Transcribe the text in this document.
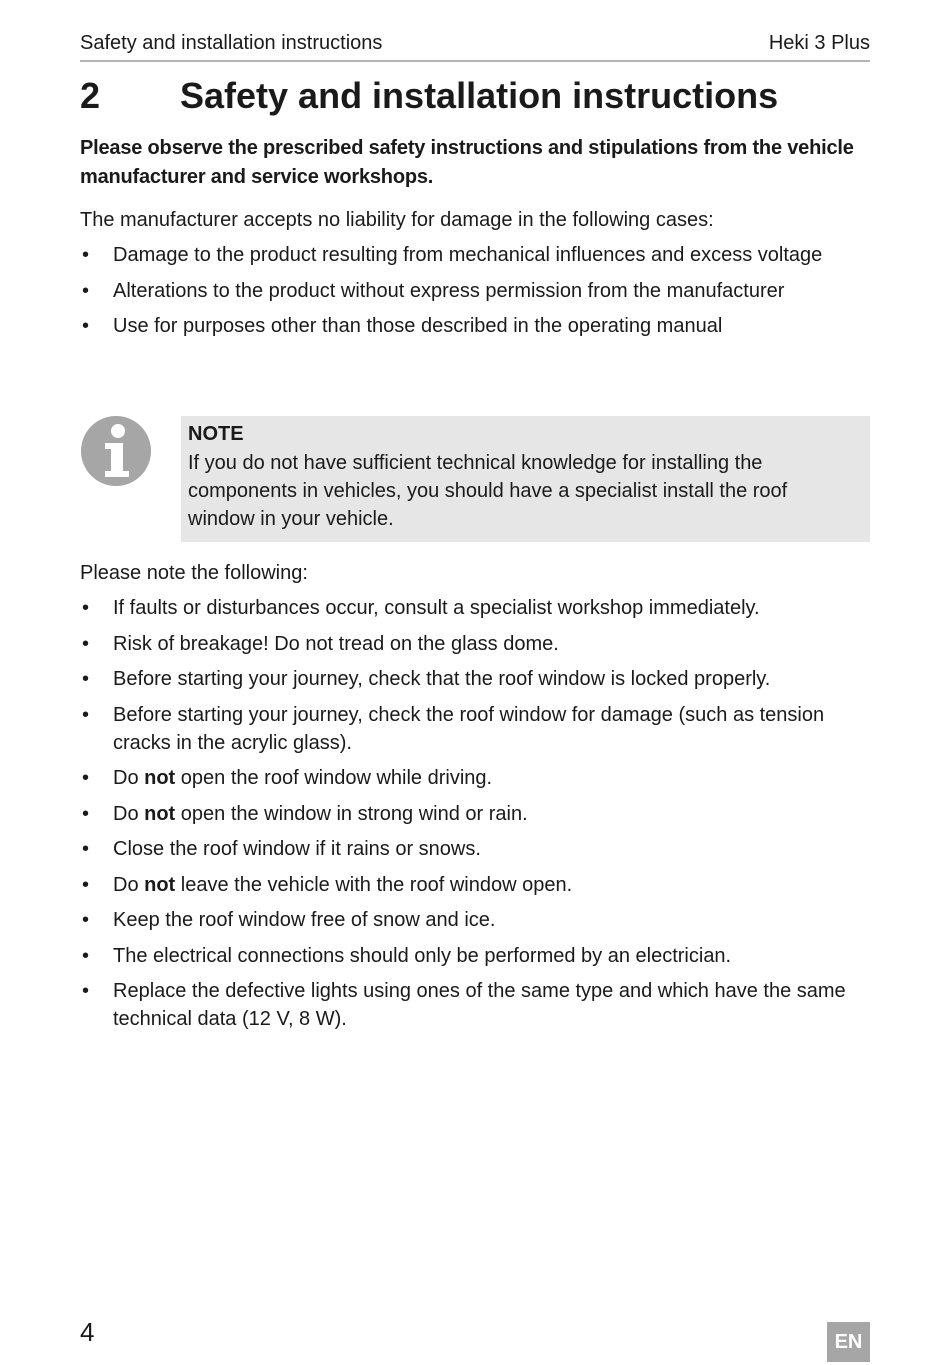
Safety and installation instructions	Heki 3 Plus
2	Safety and installation instructions
Please observe the prescribed safety instructions and stipulations from the vehicle manufacturer and service workshops.
The manufacturer accepts no liability for damage in the following cases:
• Damage to the product resulting from mechanical influences and excess voltage
• Alterations to the product without express permission from the manufacturer
• Use for purposes other than those described in the operating manual
NOTE
If you do not have sufficient technical knowledge for installing the components in vehicles, you should have a specialist install the roof window in your vehicle.
Please note the following:
• If faults or disturbances occur, consult a specialist workshop immediately.
• Risk of breakage! Do not tread on the glass dome.
• Before starting your journey, check that the roof window is locked properly.
• Before starting your journey, check the roof window for damage (such as tension cracks in the acrylic glass).
• Do not open the roof window while driving.
• Do not open the window in strong wind or rain.
• Close the roof window if it rains or snows.
• Do not leave the vehicle with the roof window open.
• Keep the roof window free of snow and ice.
• The electrical connections should only be performed by an electrician.
• Replace the defective lights using ones of the same type and which have the same technical data (12 V, 8 W).
4	EN
